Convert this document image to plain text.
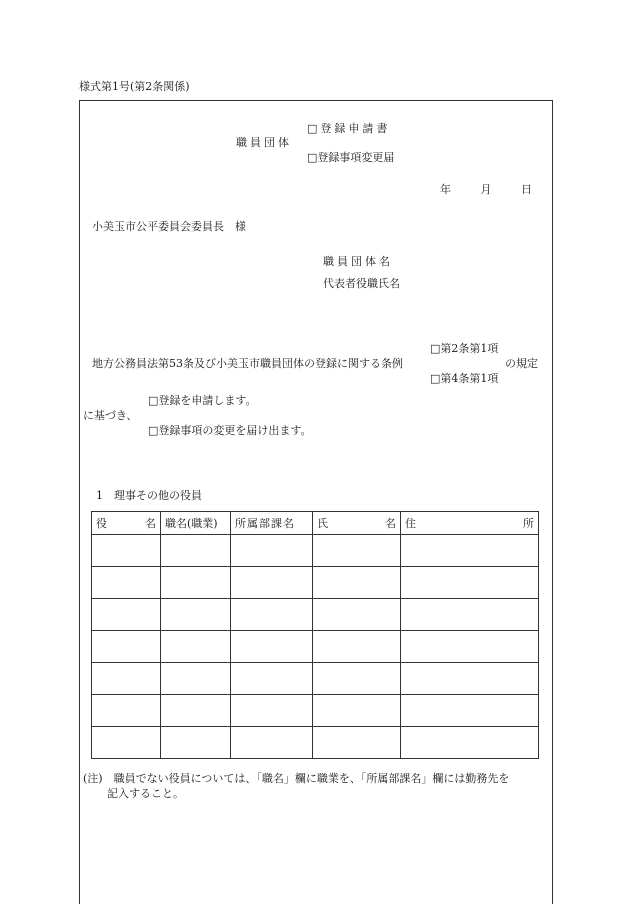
様式第1号(第2条関係)
職員団体
□登録申請書
□登録事項変更届
年	月	日
小美玉市公平委員会委員長　様
職員団体名
代表者役職氏名
□第2条第1項
地方公務員法第53条及び小美玉市職員団体の登録に関する条例	の規定
□第4条第1項
□登録を申請します。
に基づき、
□登録事項の変更を届け出ます。
1　理事その他の役員
役 名	職名(職業)	所属部課名	氏 名	住 所

(注)　職員でない役員については、「職名」欄に職業を、「所属部課名」欄には勤務先を
記入すること。
